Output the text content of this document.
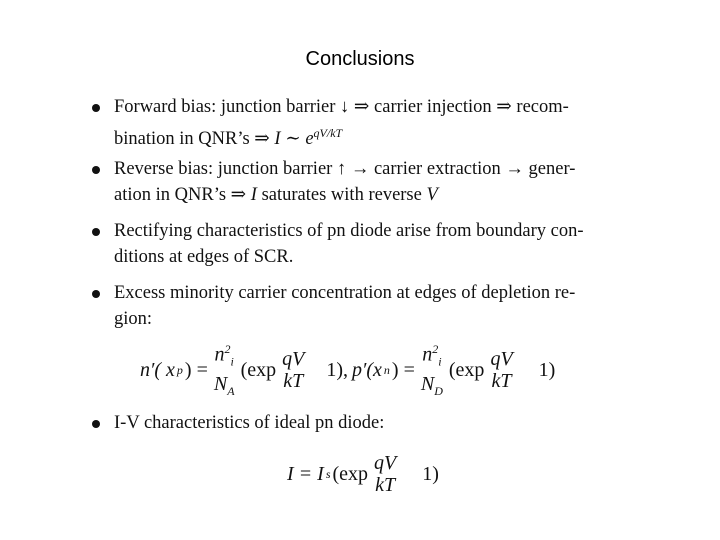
Conclusions
Forward bias: junction barrier ↓ ⇒ carrier injection ⇒ recom-
bination in QNR’s ⇒ I ∼ $e^{qV/kT}$
Reverse bias: junction barrier ↑ → carrier extraction → gener-
ation in QNR’s ⇒ I saturates with reverse V
Rectifying characteristics of pn diode arise from boundary con-
ditions at edges of SCR.
Excess minority carrier concentration at edges of depletion re-
gion:
n′( x p ) =
$n^2_i$
$N_A$
(exp qV
kT
1), p′(x n ) =
$n^2_i$
$N_D$
(exp qV
kT
1)
I-V characteristics of ideal pn diode:
I = I s (exp qV
kT
1)
